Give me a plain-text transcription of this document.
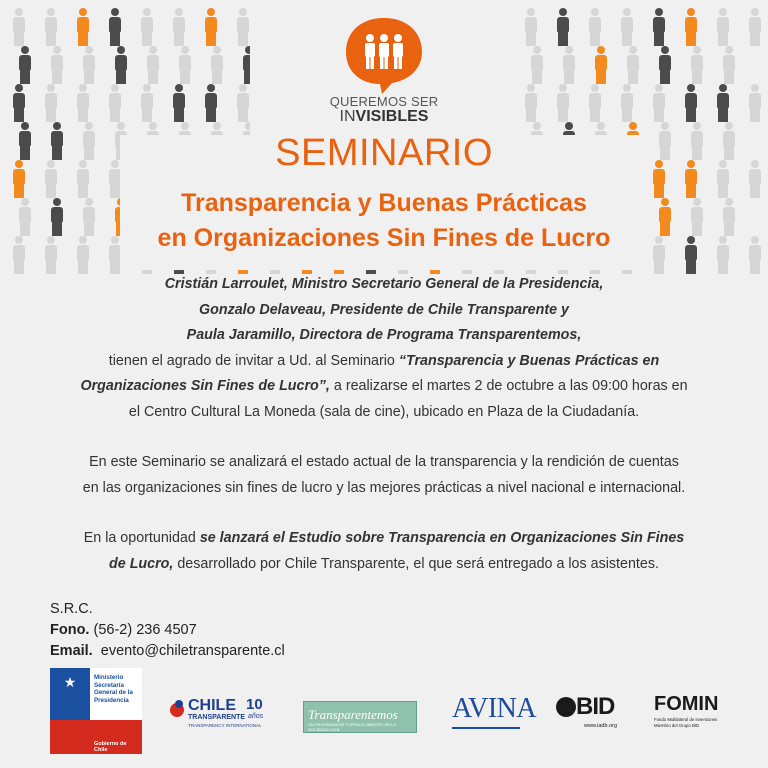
QUEREMOS SER
INVISIBLES
SEMINARIO
Transparencia y Buenas Prácticas
en Organizaciones Sin Fines de Lucro

Cristián Larroulet, Ministro Secretario General de la Presidencia,

Gonzalo Delaveau, Presidente de Chile Transparente y

Paula Jaramillo, Directora de Programa Transparentemos,

tienen el agrado de invitar a Ud. al Seminario “Transparencia y Buenas Prácticas en

Organizaciones Sin Fines de Lucro”, a realizarse el martes 2 de octubre a las 09:00 horas en

el Centro Cultural La Moneda (sala de cine), ubicado en Plaza de la Ciudadanía.

En este Seminario se analizará el estado actual de la transparencia y la rendición de cuentas

en las organizaciones sin fines de lucro y las mejores prácticas a nivel nacional e internacional.

En la oportunidad se lanzará el Estudio sobre Transparencia en Organizaciones Sin Fines

de Lucro, desarrollado por Chile Transparente, el que será entregado a los asistentes.

S.R.C.
Fono. (56-2) 236 4507
Email. evento@chiletransparente.cl
★	Ministerio
Secretaría
General de la
Presidencia
Gobierno de Chile
CHILE
TRANSPARENTE
TRANSPARENCY INTERNATIONAL
10
años	Transparentemos
UN PROGRAMA DE FORTALECIMIENTO DE LA SOCIEDAD CIVIL
AVINA BID
www.iadb.org
FOMIN
Fondo Multilateral de Inversiones Miembro del Grupo BID
